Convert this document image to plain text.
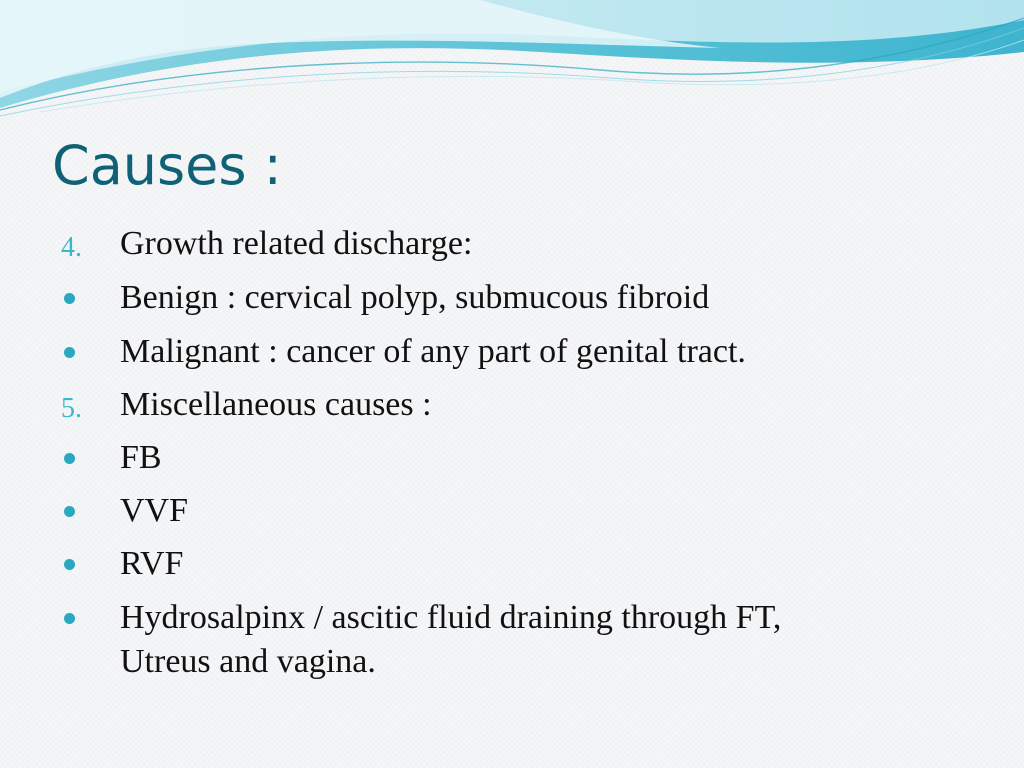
Causes :
4. Growth related discharge:
Benign : cervical polyp, submucous fibroid
Malignant : cancer of any part of genital tract.
5. Miscellaneous causes :
FB
VVF
RVF
Hydrosalpinx / ascitic fluid draining through FT,
Utreus and vagina.
